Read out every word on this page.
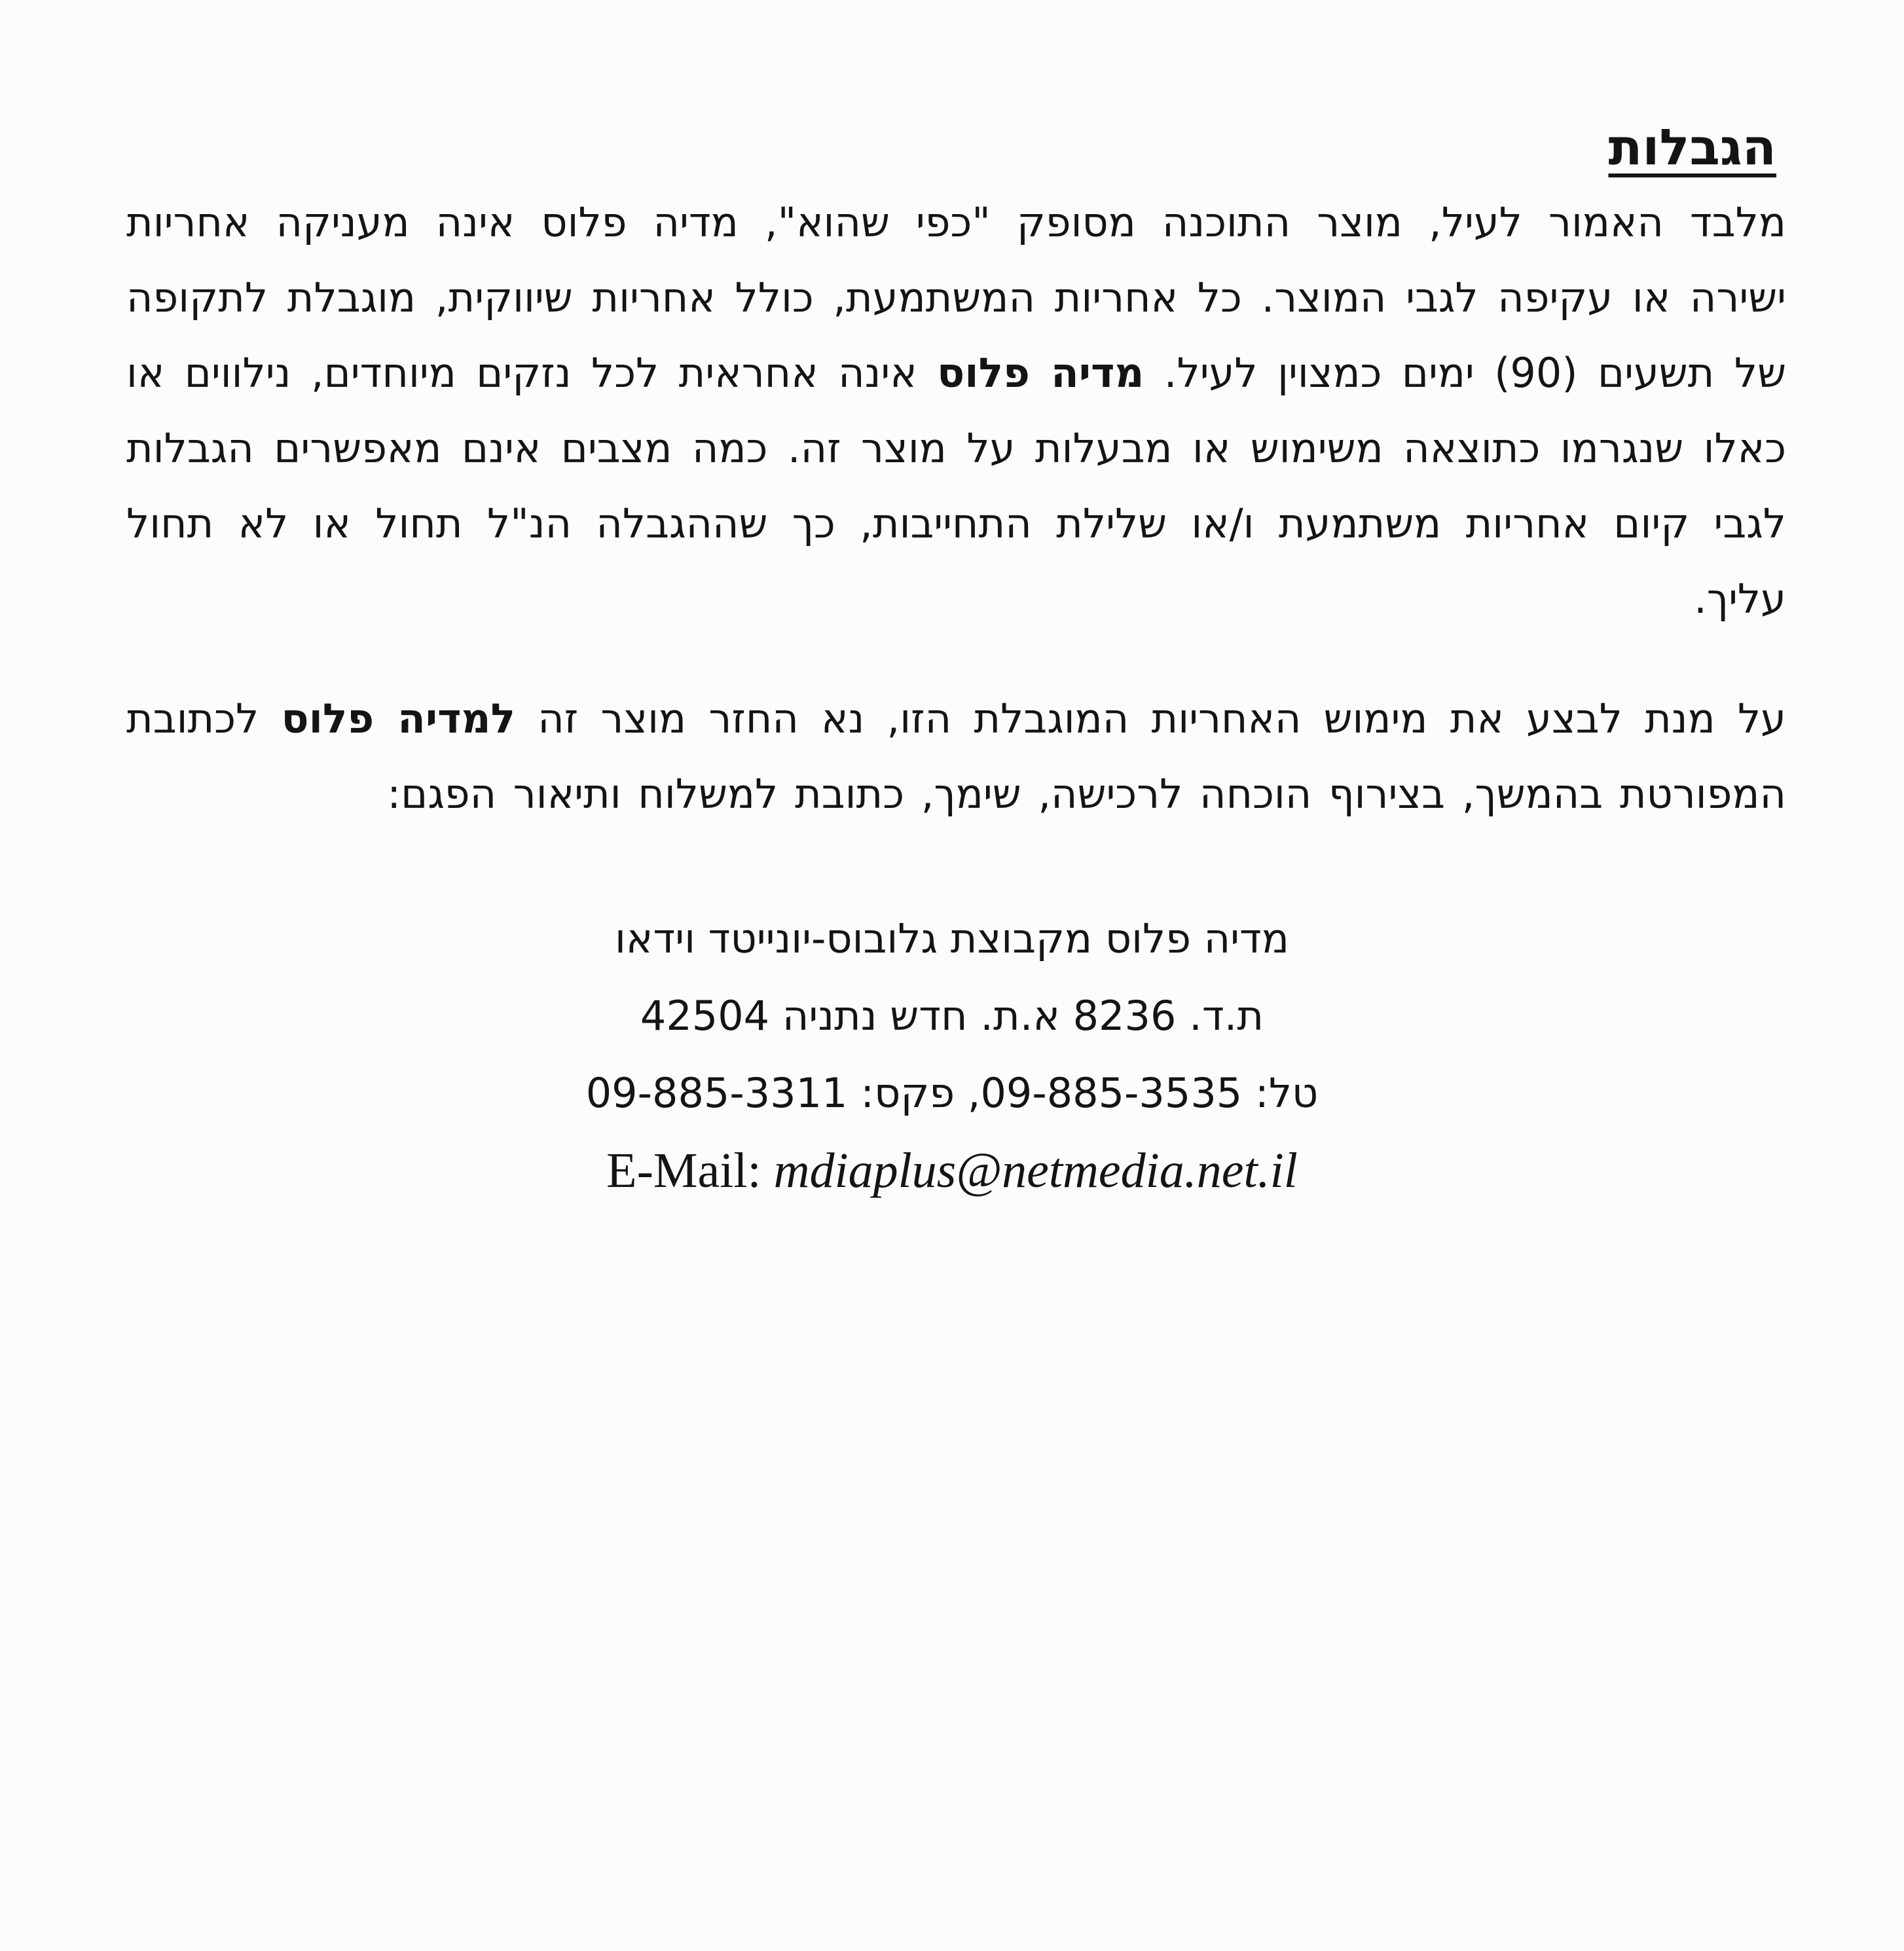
הגבלות

מלבד האמור לעיל, מוצר התוכנה מסופק "כפי שהוא", מדיה פלוס אינה מעניקה אחריות ישירה או עקיפה לגבי המוצר. כל אחריות המשתמעת, כולל אחריות שיווקית, מוגבלת לתקופה של תשעים (90) ימים כמצוין לעיל. מדיה פלוס אינה אחראית לכל נזקים מיוחדים, נילווים או כאלו שנגרמו כתוצאה משימוש או מבעלות על מוצר זה. כמה מצבים אינם מאפשרים הגבלות לגבי קיום אחריות משתמעת ו/או שלילת התחייבות, כך שההגבלה הנ"ל תחול או לא תחול עליך.

על מנת לבצע את מימוש האחריות המוגבלת הזו, נא החזר מוצר זה למדיה פלוס לכתובת המפורטת בהמשך, בצירוף הוכחה לרכישה, שימך, כתובת למשלוח ותיאור הפגם:

מדיה פלוס מקבוצת גלובוס-יונייטד וידאו
ת.ד. 8236 א.ת. חדש נתניה 42504
טל: 09-885-3535, פקס: 09-885-3311
E-Mail: mdiaplus@netmedia.net.il
